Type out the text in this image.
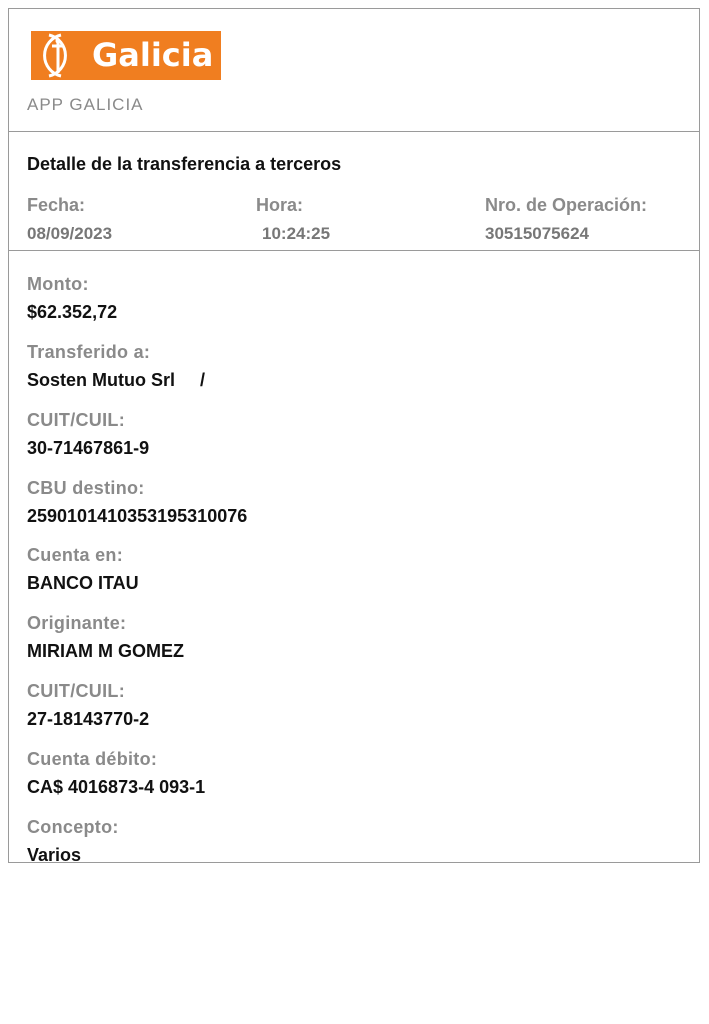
Galicia
APP GALICIA
Detalle de la transferencia a terceros
Fecha:
08/09/2023
Hora:
10:24:25
Nro. de Operación:
30515075624
Monto:
$62.352,72
Transferido a:
Sosten Mutuo Srl     /
CUIT/CUIL:
30-71467861-9
CBU destino:
2590101410353195310076
Cuenta en:
BANCO ITAU
Originante:
MIRIAM M GOMEZ
CUIT/CUIL:
27-18143770-2
Cuenta débito:
CA$ 4016873-4 093-1
Concepto:
Varios
